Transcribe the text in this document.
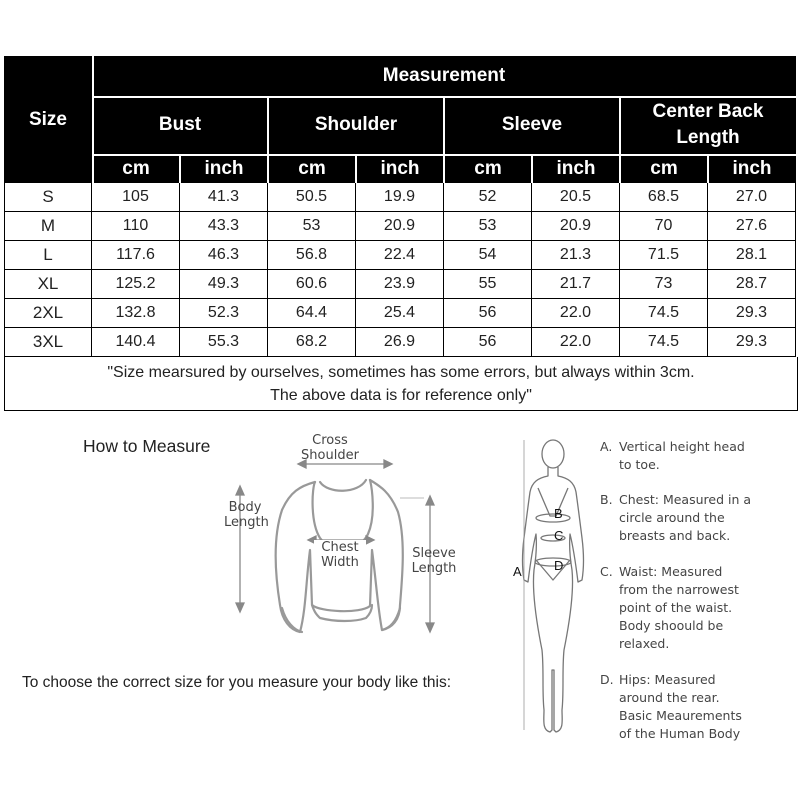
Size
Measurement
Bust	Shoulder	Sleeve
Center Back Length
cm	inch	cm	inch	cm	inch	cm	inch
S	105	41.3	50.5	19.9	52	20.5	68.5	27.0
M	110	43.3	53	20.9	53	20.9	70	27.6
L	117.6	46.3	56.8	22.4	54	21.3	71.5	28.1
XL	125.2	49.3	60.6	23.9	55	21.7	73	28.7
2XL	132.8	52.3	64.4	25.4	56	22.0	74.5	29.3
3XL	140.4	55.3	68.2	26.9	56	22.0	74.5	29.3
"Size mearsured by ourselves, sometimes has some errors, but always within 3cm.
The above data is for reference only"
How to Measure	Cross
Shoulder
Body
Length
Chest
Width
Sleeve
Length
To choose the correct size for you measure your body like this:
A
B
C
D
A. Vertical height head
to toe.
B. Chest: Measured in a
circle around the
breasts and back.
C. Waist: Measured
from the narrowest
point of the waist.
Body shoould be
relaxed.
D. Hips: Measured
around the rear.
Basic Meaurements
of the Human Body
